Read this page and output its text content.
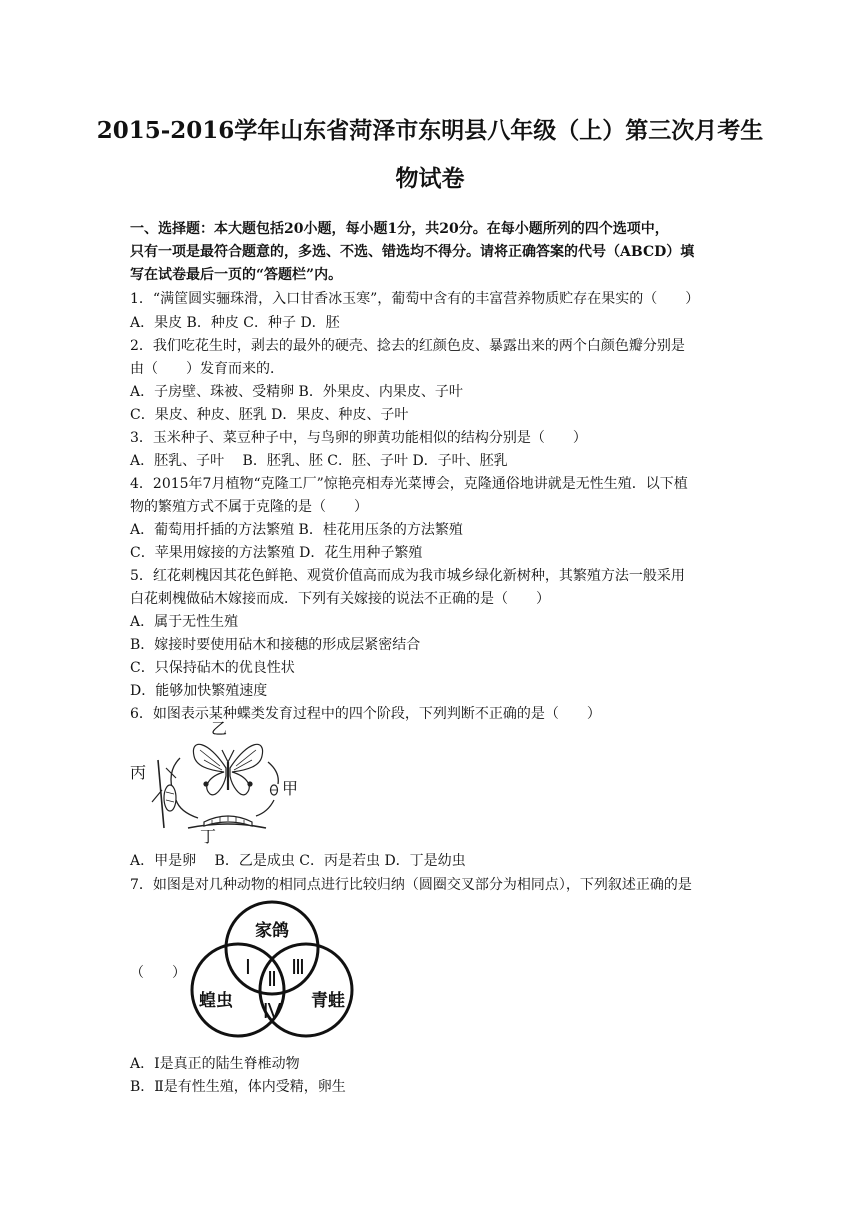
2015-2016学年山东省菏泽市东明县八年级（上）第三次月考生
物试卷
一、选择题：本大题包括20小题，每小题1分，共20分。在每小题所列的四个选项中，
只有一项是最符合题意的，多选、不选、错选均不得分。请将正确答案的代号（ABCD）填
写在试卷最后一页的“答题栏”内。
1．“满筐圆实骊珠滑，入口甘香冰玉寒”，葡萄中含有的丰富营养物质贮存在果实的（　　）
A．果皮 B．种皮 C．种子 D．胚
2．我们吃花生时，剥去的最外的硬壳、捻去的红颜色皮、暴露出来的两个白颜色瓣分别是
由（　　）发育而来的．
A．子房壁、珠被、受精卵 B．外果皮、内果皮、子叶
C．果皮、种皮、胚乳 D．果皮、种皮、子叶
3．玉米种子、菜豆种子中，与鸟卵的卵黄功能相似的结构分别是（　　）
A．胚乳、子叶　 B．胚乳、胚 C．胚、子叶 D．子叶、胚乳
4．2015年7月植物“克隆工厂”惊艳亮相寿光菜博会，克隆通俗地讲就是无性生殖．以下植
物的繁殖方式不属于克隆的是（　　）
A．葡萄用扦插的方法繁殖 B．桂花用压条的方法繁殖
C．苹果用嫁接的方法繁殖 D．花生用种子繁殖
5．红花刺槐因其花色鲜艳、观赏价值高而成为我市城乡绿化新树种，其繁殖方法一般采用
白花刺槐做砧木嫁接而成．下列有关嫁接的说法不正确的是（　　）
A．属于无性生殖
B．嫁接时要使用砧木和接穗的形成层紧密结合
C．只保持砧木的优良性状
D．能够加快繁殖速度
6．如图表示某种蝶类发育过程中的四个阶段，下列判断不正确的是（　　）
乙
丙
甲
丁
A．甲是卵　 B．乙是成虫 C．丙是若虫 D．丁是幼虫
7．如图是对几种动物的相同点进行比较归纳（圆圈交叉部分为相同点），下列叙述正确的是
（　　）
家鸽
蝗虫	青蛙
Ⅰ Ⅱ Ⅲ
Ⅳ
A．Ⅰ是真正的陆生脊椎动物
B．Ⅱ是有性生殖，体内受精，卵生
